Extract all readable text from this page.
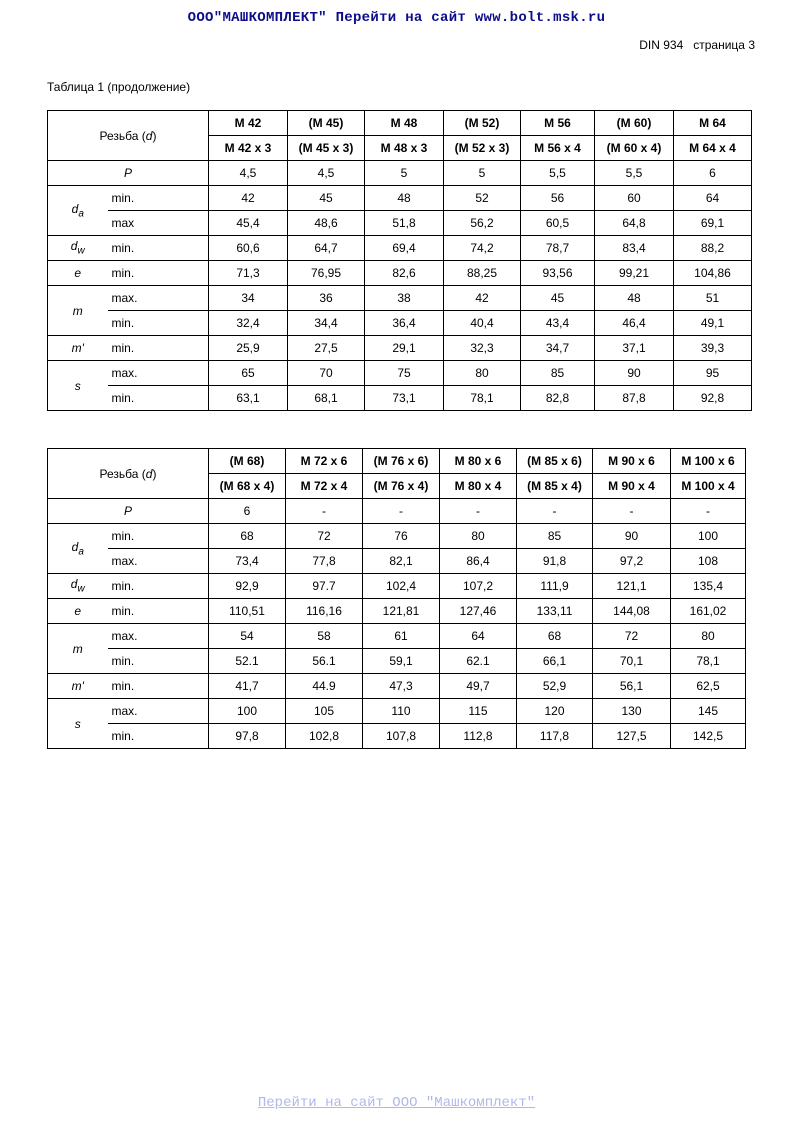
ООО"МАШКОМПЛЕКТ" Перейти на сайт www.bolt.msk.ru
DIN 934   страница 3
Таблица 1 (продолжение)
Резьба (d)		M 42	(M 45)	M 48	(M 52)	M 56	(M 60)	M 64
		M 42 x 3	(M 45 x 3)	M 48 x 3	(M 52 x 3)	M 56 x 4	(M 60 x 4)	M 64 x 4
P		4,5	4,5	5	5	5,5	5,5	6
$d_a$	min.	42	45	48	52	56	60	64
	max	45,4	48,6	51,8	56,2	60,5	64,8	69,1
$d_w$	min.	60,6	64,7	69,4	74,2	78,7	83,4	88,2
e	min.	71,3	76,95	82,6	88,25	93,56	99,21	104,86
m	max.	34	36	38	42	45	48	51
	min.	32,4	34,4	36,4	40,4	43,4	46,4	49,1
m'	min.	25,9	27,5	29,1	32,3	34,7	37,1	39,3
s	max.	65	70	75	80	85	90	95
	min.	63,1	68,1	73,1	78,1	82,8	87,8	92,8
Резьба (d)		(M 68)	M 72 x 6	(M 76 x 6)	M 80 x 6	(M 85 x 6)	M 90 x 6	M 100 x 6
		(M 68 x 4)	M 72 x 4	(M 76 x 4)	M 80 x 4	(M 85 x 4)	M 90 x 4	M 100 x 4
P		6	-	-	-	-	-	-
$d_a$	min.	68	72	76	80	85	90	100
	max.	73,4	77,8	82,1	86,4	91,8	97,2	108
$d_w$	min.	92,9	97.7	102,4	107,2	111,9	121,1	135,4
e	min.	110,51	116,16	121,81	127,46	133,11	144,08	161,02
m	max.	54	58	61	64	68	72	80
	min.	52.1	56.1	59,1	62.1	66,1	70,1	78,1
m'	min.	41,7	44.9	47,3	49,7	52,9	56,1	62,5
s	max.	100	105	110	115	120	130	145
	min.	97,8	102,8	107,8	112,8	117,8	127,5	142,5
Перейти на сайт ООО "Машкомплект"
